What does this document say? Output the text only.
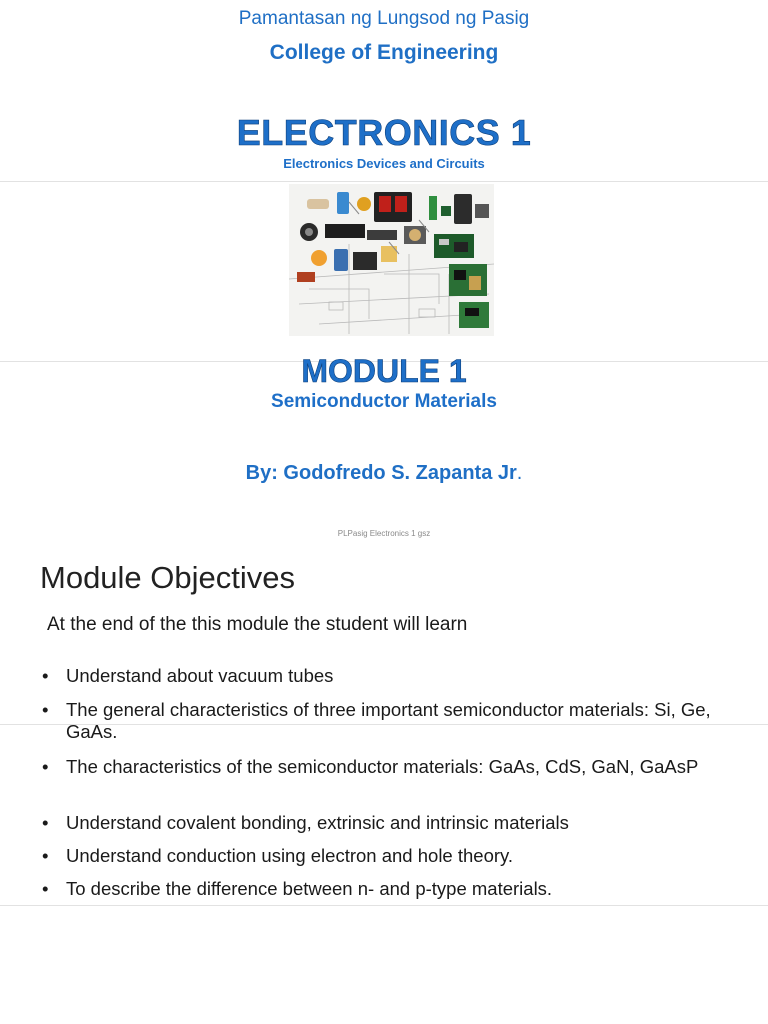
Pamantasan ng Lungsod ng Pasig
College of Engineering
ELECTRONICS 1
Electronics Devices and Circuits
MODULE 1
Semiconductor Materials
By: Godofredo S. Zapanta Jr.
PLPasig Electronics 1 gsz
Module Objectives
At the end of the this module the student will learn
• Understand about vacuum tubes
• The general characteristics of three important semiconductor materials: Si, Ge, GaAs.
• The characteristics of the semiconductor materials: GaAs, CdS, GaN, GaAsP
• Understand covalent bonding, extrinsic and intrinsic materials
• Understand conduction using electron and hole theory.
• To describe the difference between n- and p-type materials.
